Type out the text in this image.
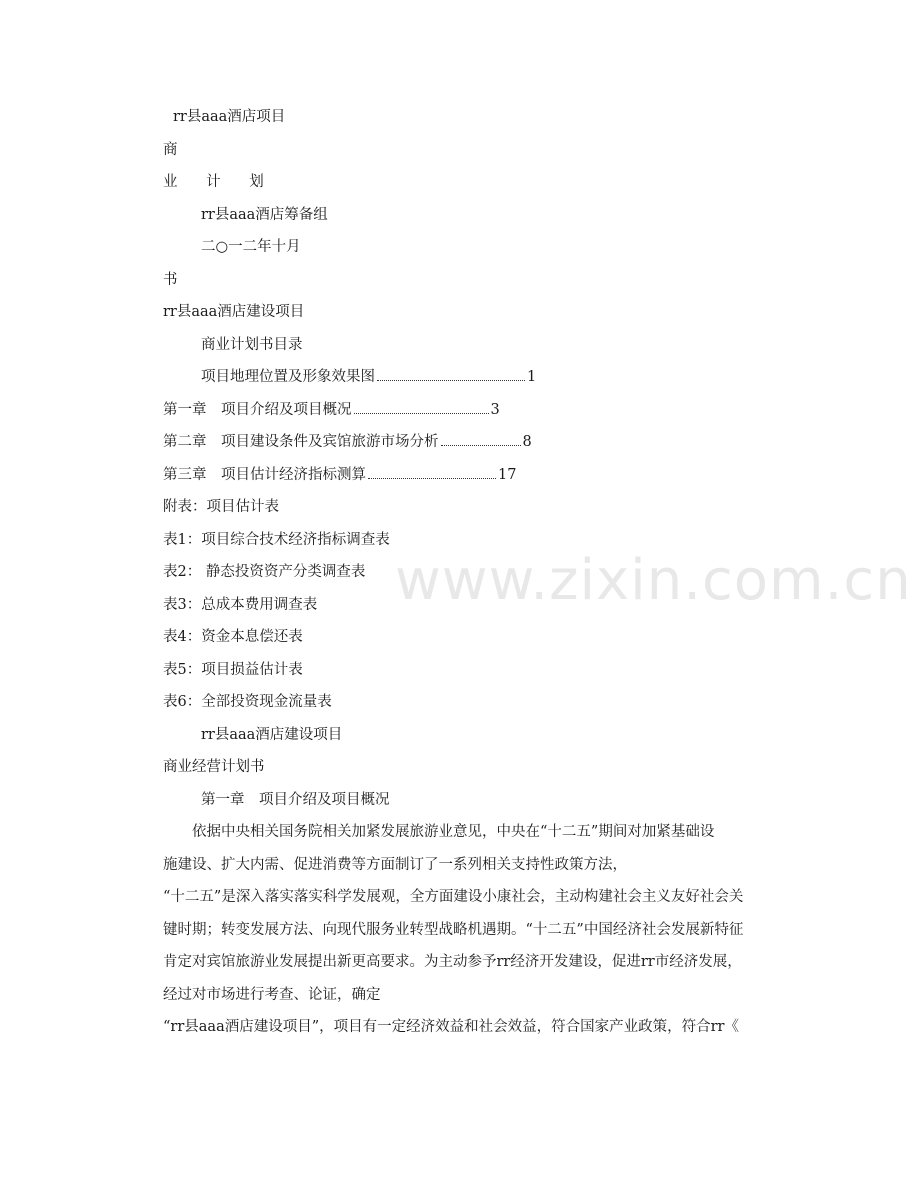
rr县aaa酒店项目
商
业 计 划
rr县aaa酒店筹备组
二○一二年十月
书
rr县aaa酒店建设项目
商业计划书目录
项目地理位置及形象效果图	1
第一章　项目介绍及项目概况	3
第二章　项目建设条件及宾馆旅游市场分析	8
第三章　项目估计经济指标测算	17
附表：项目估计表
表1：项目综合技术经济指标调查表
表2： 静态投资资产分类调查表
表3：总成本费用调查表
表4：资金本息偿还表
表5：项目损益估计表
表6：全部投资现金流量表
rr县aaa酒店建设项目
商业经营计划书
第一章　项目介绍及项目概况
　　依据中央相关国务院相关加紧发展旅游业意见，中央在“十二五”期间对加紧基础设
施建设、扩大内需、促进消费等方面制订了一系列相关支持性政策方法，
“十二五”是深入落实落实科学发展观，全方面建设小康社会，主动构建社会主义友好社会关
键时期；转变发展方法、向现代服务业转型战略机遇期。“十二五”中国经济社会发展新特征
肯定对宾馆旅游业发展提出新更高要求。为主动参予rr经济开发建设，促进rr市经济发展，
经过对市场进行考查、论证，确定
“rr县aaa酒店建设项目”，项目有一定经济效益和社会效益，符合国家产业政策，符合rr《
www.zixin.com.cn
